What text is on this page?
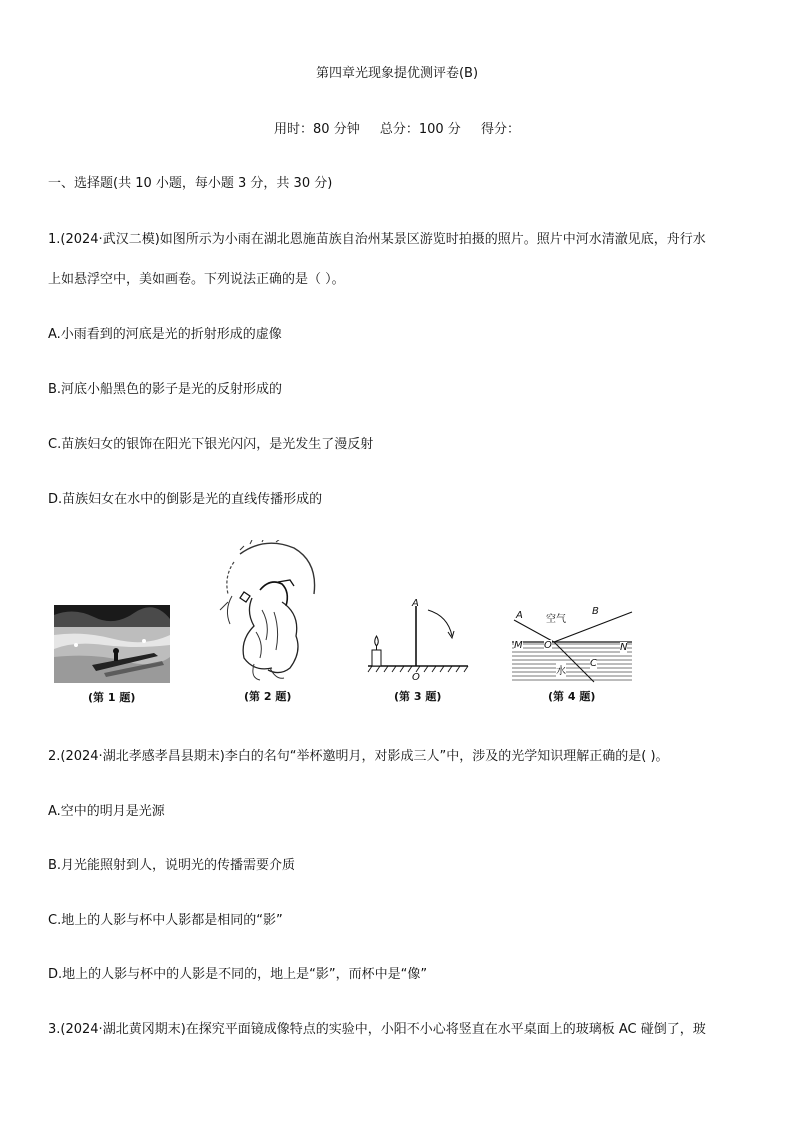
第四章光现象提优测评卷(B)
用时：80 分钟 总分：100 分 得分：
一、选择题(共 10 小题，每小题 3 分，共 30 分)
1.(2024·武汉二模)如图所示为小雨在湖北恩施苗族自治州某景区游览时拍摄的照片。照片中河水清澈见底，舟行水
上如悬浮空中，美如画卷。下列说法正确的是（ ）。
A.小雨看到的河底是光的折射形成的虚像
B.河底小船黑色的影子是光的反射形成的
C.苗族妇女的银饰在阳光下银光闪闪，是光发生了漫反射
D.苗族妇女在水中的倒影是光的直线传播形成的
(第 1 题)	(第 2 题)
A
O
(第 3 题)
A 空气
B
M O	N
水
C
(第 4 题)
2.(2024·湖北孝感孝昌县期末)李白的名句“举杯邀明月，对影成三人”中，涉及的光学知识理解正确的是( )。
A.空中的明月是光源
B.月光能照射到人，说明光的传播需要介质
C.地上的人影与杯中人影都是相同的“影”
D.地上的人影与杯中的人影是不同的，地上是“影”，而杯中是“像”
3.(2024·湖北黄冈期末)在探究平面镜成像特点的实验中，小阳不小心将竖直在水平桌面上的玻璃板 AC 碰倒了，玻
